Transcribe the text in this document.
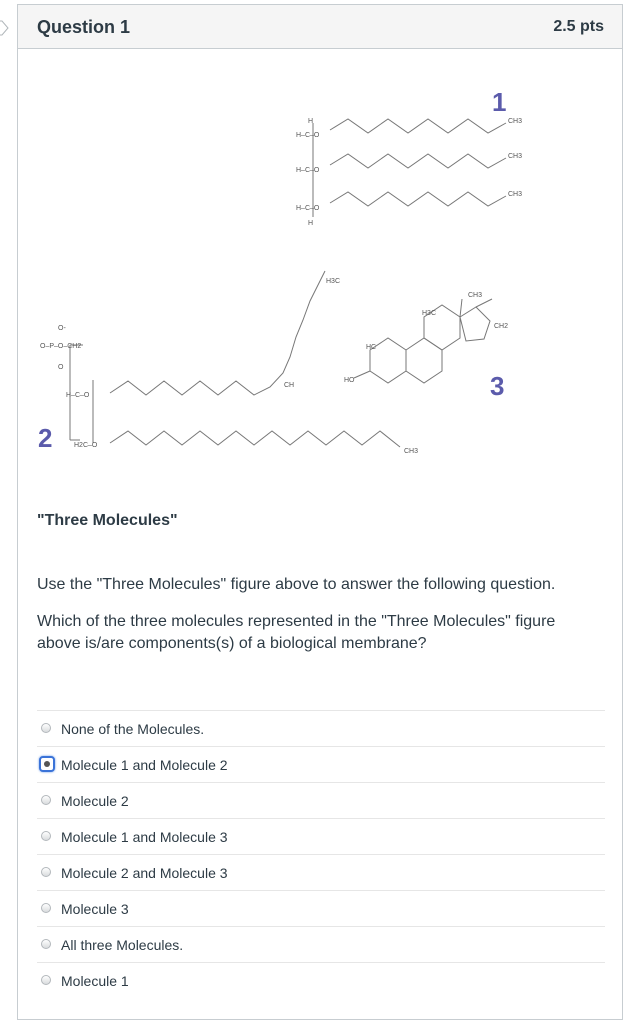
Question 1	2.5 pts
H
H–C–O
H–C–O
H–C–O
H
CH3
CH3
CH3
O-
O–P–O–CH2
O
H–C–O
H2C–O
CH3
H3C
CH
HO
HC
CH2
CH3
H3C
1
2
3
"Three Molecules"
Use the "Three Molecules" figure above to answer the following question.
Which of the three molecules represented in the "Three Molecules" figure above is/are components(s) of a biological membrane?
None of the Molecules.
Molecule 1 and Molecule 2
Molecule 2
Molecule 1 and Molecule 3
Molecule 2 and Molecule 3
Molecule 3
All three Molecules.
Molecule 1
